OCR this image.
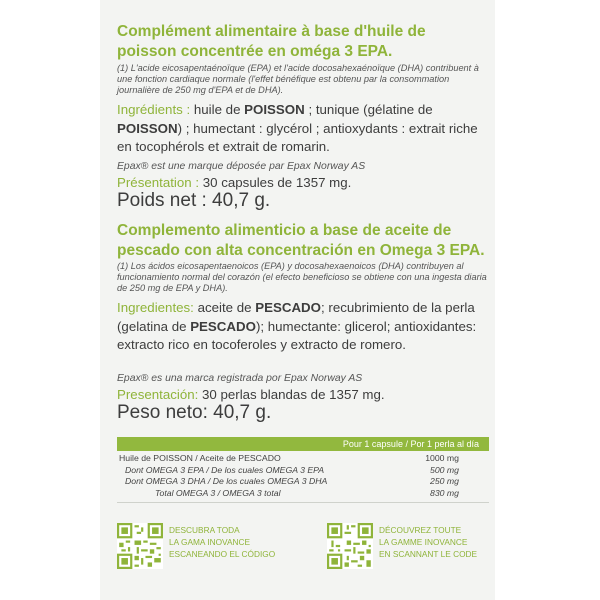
Complément alimentaire à base d'huile de poisson concentrée en oméga 3 EPA.
(1) L'acide eicosapentaénoïque (EPA) et l'acide docosahexaénoïque (DHA) contribuent à une fonction cardiaque normale (l'effet bénéfique est obtenu par la consommation journalière de 250 mg d'EPA et de DHA).
Ingrédients : huile de POISSON ; tunique (gélatine de POISSON) ; humectant : glycérol ; antioxydants : extrait riche en tocophérols et extrait de romarin.
Epax® est une marque déposée par Epax Norway AS
Présentation : 30 capsules de 1357 mg.
Poids net : 40,7 g.
Complemento alimenticio a base de aceite de pescado con alta concentración en Omega 3 EPA.
(1) Los ácidos eicosapentaenoicos (EPA) y docosahexaenoicos (DHA) contribuyen al funcionamiento normal del corazón (el efecto beneficioso se obtiene con una ingesta diaria de 250 mg de EPA y DHA).
Ingredientes: aceite de PESCADO; recubrimiento de la perla (gelatina de PESCADO); humectante: glicerol; antioxidantes: extracto rico en tocoferoles y extracto de romero.
Epax® es una marca registrada por Epax Norway AS
Presentación: 30 perlas blandas de 1357 mg.
Peso neto: 40,7 g.
Pour 1 capsule / Por 1 perla al día
Huile de POISSON / Aceite de PESCADO	1000 mg
Dont OMEGA 3 EPA / De los cuales OMEGA 3 EPA	500 mg
Dont OMEGA 3 DHA / De los cuales OMEGA 3 DHA	250 mg
Total OMEGA 3 / OMEGA 3 total	830 mg
DESCUBRA TODA
LA GAMA INOVANCE
ESCANEANDO EL CÓDIGO
DÉCOUVREZ TOUTE
LA GAMME INOVANCE
EN SCANNANT LE CODE
